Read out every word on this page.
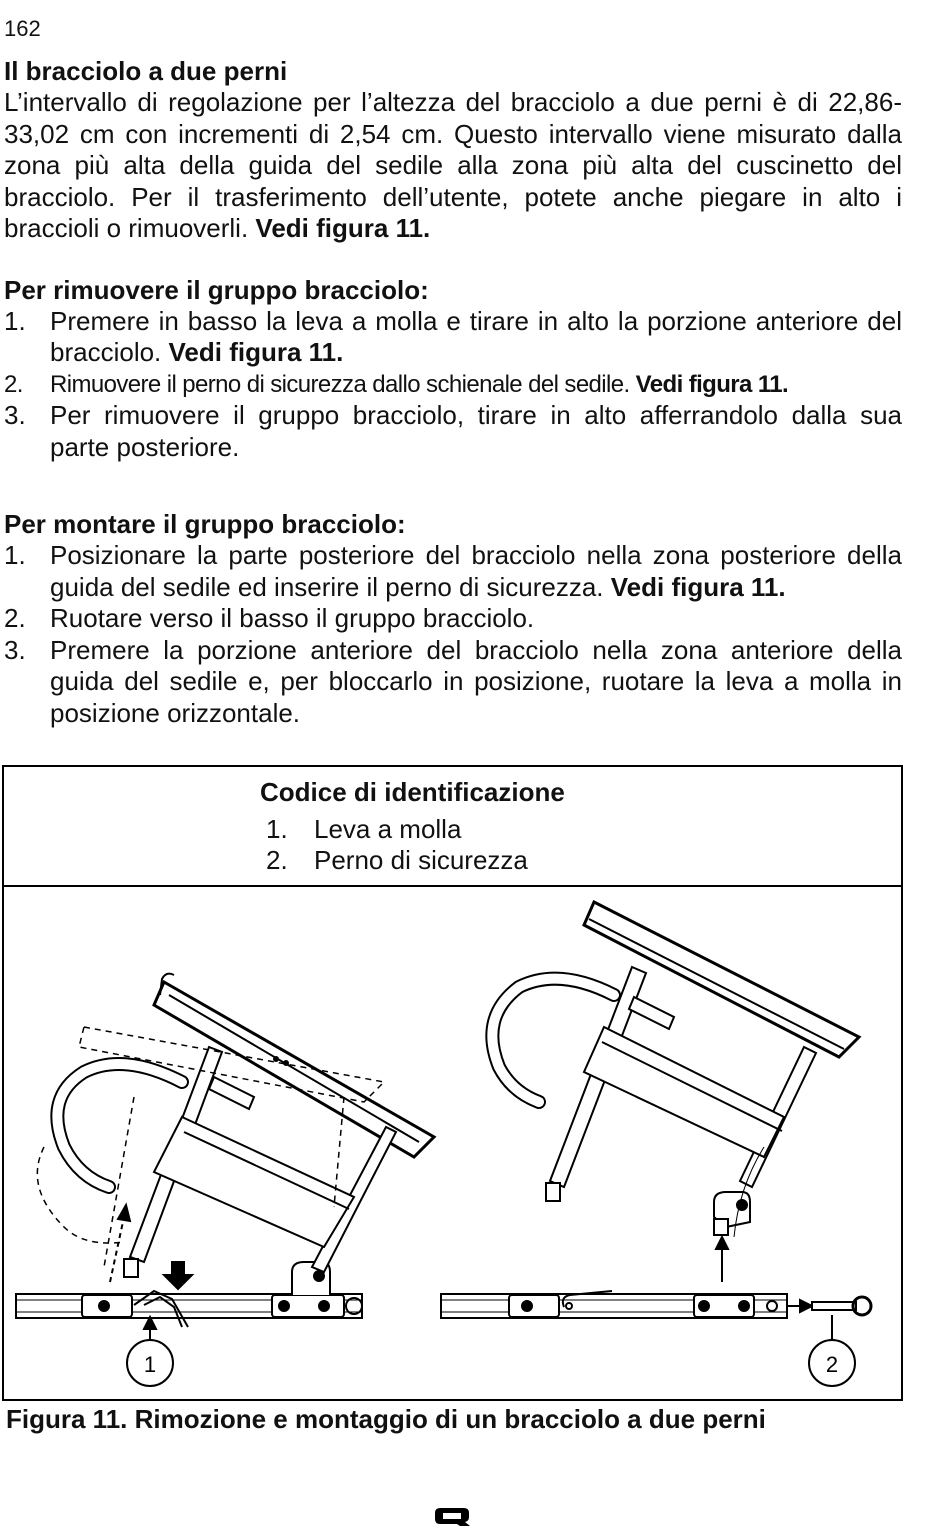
162

Il bracciolo a due perni

L’intervallo di regolazione per l’altezza del bracciolo a due perni è di 22,86-33,02 cm con incrementi di 2,54 cm. Questo intervallo viene misurato dalla zona più alta della guida del sedile alla zona più alta del cuscinetto del bracciolo. Per il trasferimento dell’utente, potete anche piegare in alto i braccioli o rimuoverli. Vedi figura 11.

Per rimuovere il gruppo bracciolo:

1. Premere in basso la leva a molla e tirare in alto la porzione anteriore del bracciolo. Vedi figura 11.
2. Rimuovere il perno di sicurezza dallo schienale del sedile. Vedi figura 11.
3. Per rimuovere il gruppo bracciolo, tirare in alto afferrandolo dalla sua parte posteriore.

Per montare il gruppo bracciolo:

1. Posizionare la parte posteriore del bracciolo nella zona posteriore della guida del sedile ed inserire il perno di sicurezza. Vedi figura 11.
2. Ruotare verso il basso il gruppo bracciolo.
3. Premere la porzione anteriore del bracciolo nella zona anteriore della guida del sedile e, per bloccarlo in posizione, ruotare la leva a molla in posizione orizzontale.
Codice di identificazione
1. Leva a molla
2. Perno di sicurezza
1	2
Figura 11. Rimozione e montaggio di un bracciolo a due perni
